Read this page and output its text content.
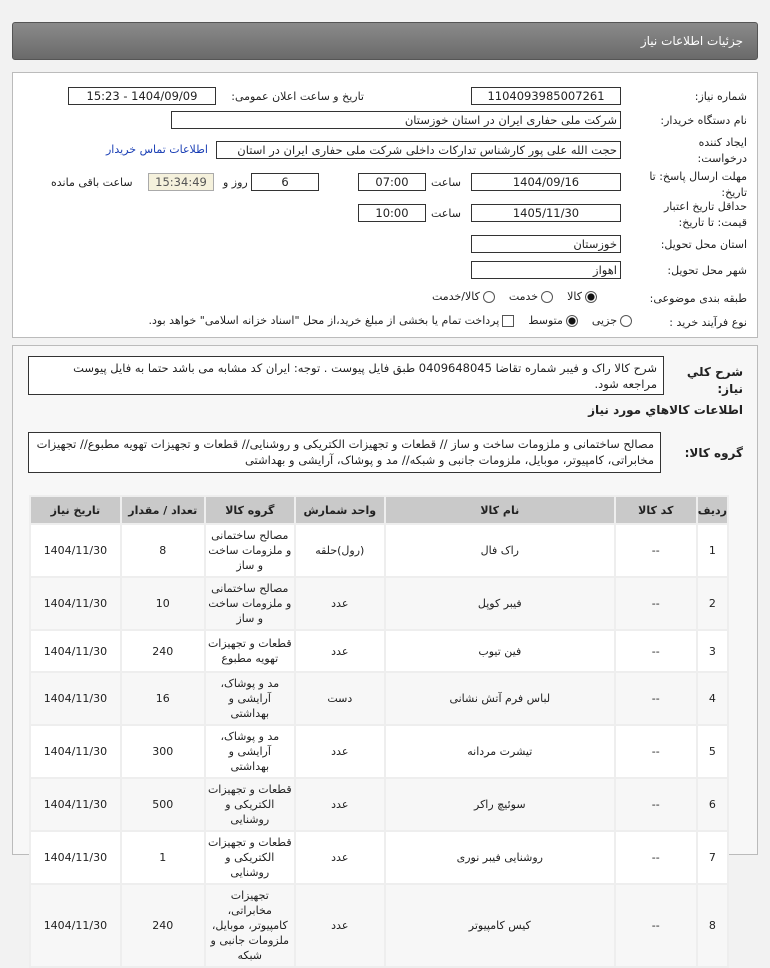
جزئیات اطلاعات نیاز
شماره نیاز:
1104093985007261
تاریخ و ساعت اعلان عمومی:
1404/09/09 - 15:23
نام دستگاه خریدار:
شرکت ملی حفاری ایران در استان خوزستان
ایجاد کننده درخواست:
حجت الله علی پور کارشناس تدارکات داخلی شرکت ملی حفاری ایران در استان
اطلاعات تماس خریدار
مهلت ارسال پاسخ: تا تاریخ:
1404/09/16
ساعت
07:00
6
روز و
15:34:49
ساعت باقی مانده
حداقل تاریخ اعتبار قیمت: تا تاریخ:
1405/11/30
ساعت
10:00
استان محل تحویل:
خوزستان
شهر محل تحویل:
اهواز
طبقه بندی موضوعی:
کالا    خدمت    کالا/خدمت
نوع فرآیند خرید :
جزیی    متوسط    پرداخت تمام یا بخشی از مبلغ خرید،از محل "اسناد خزانه اسلامی" خواهد بود.
شرح کلي نیاز:
شرح کالا راک و فیبر شماره تقاضا 0409648045 طبق فایل پیوست . توجه: ایران کد مشابه می باشد حتما به فایل پیوست مراجعه شود.
اطلاعات کالاهاي مورد نیاز
گروه کالا:
مصالح ساختمانی و ملزومات ساخت و ساز // قطعات و تجهیزات الکتریکی و روشنایی// قطعات و تجهیزات تهویه مطبوع// تجهیزات مخابراتی، کامپیوتر، موبایل، ملزومات جانبی و شبکه// مد و پوشاک، آرایشی و بهداشتی
ردیف	کد کالا	نام کالا	واحد شمارش	گروه کالا	تعداد / مقدار	تاریخ نیاز
1	--	راک فال	(رول)حلقه	مصالح ساختمانی و ملزومات ساخت و ساز	8	1404/11/30
2	--	فیبر کوپل	عدد	مصالح ساختمانی و ملزومات ساخت و ساز	10	1404/11/30
3	--	فین تیوب	عدد	قطعات و تجهیزات تهویه مطبوع	240	1404/11/30
4	--	لباس فرم آتش نشانی	دست	مد و پوشاک، آرایشی و بهداشتی	16	1404/11/30
5	--	تیشرت مردانه	عدد	مد و پوشاک، آرایشی و بهداشتی	300	1404/11/30
6	--	سوئیچ راکر	عدد	قطعات و تجهیزات الکتریکی و روشنایی	500	1404/11/30
7	--	روشنایی فیبر نوری	عدد	قطعات و تجهیزات الکتریکی و روشنایی	1	1404/11/30
8	--	کیس کامپیوتر	عدد	تجهیزات مخابراتی، کامپیوتر، موبایل، ملزومات جانبی و شبکه	240	1404/11/30
